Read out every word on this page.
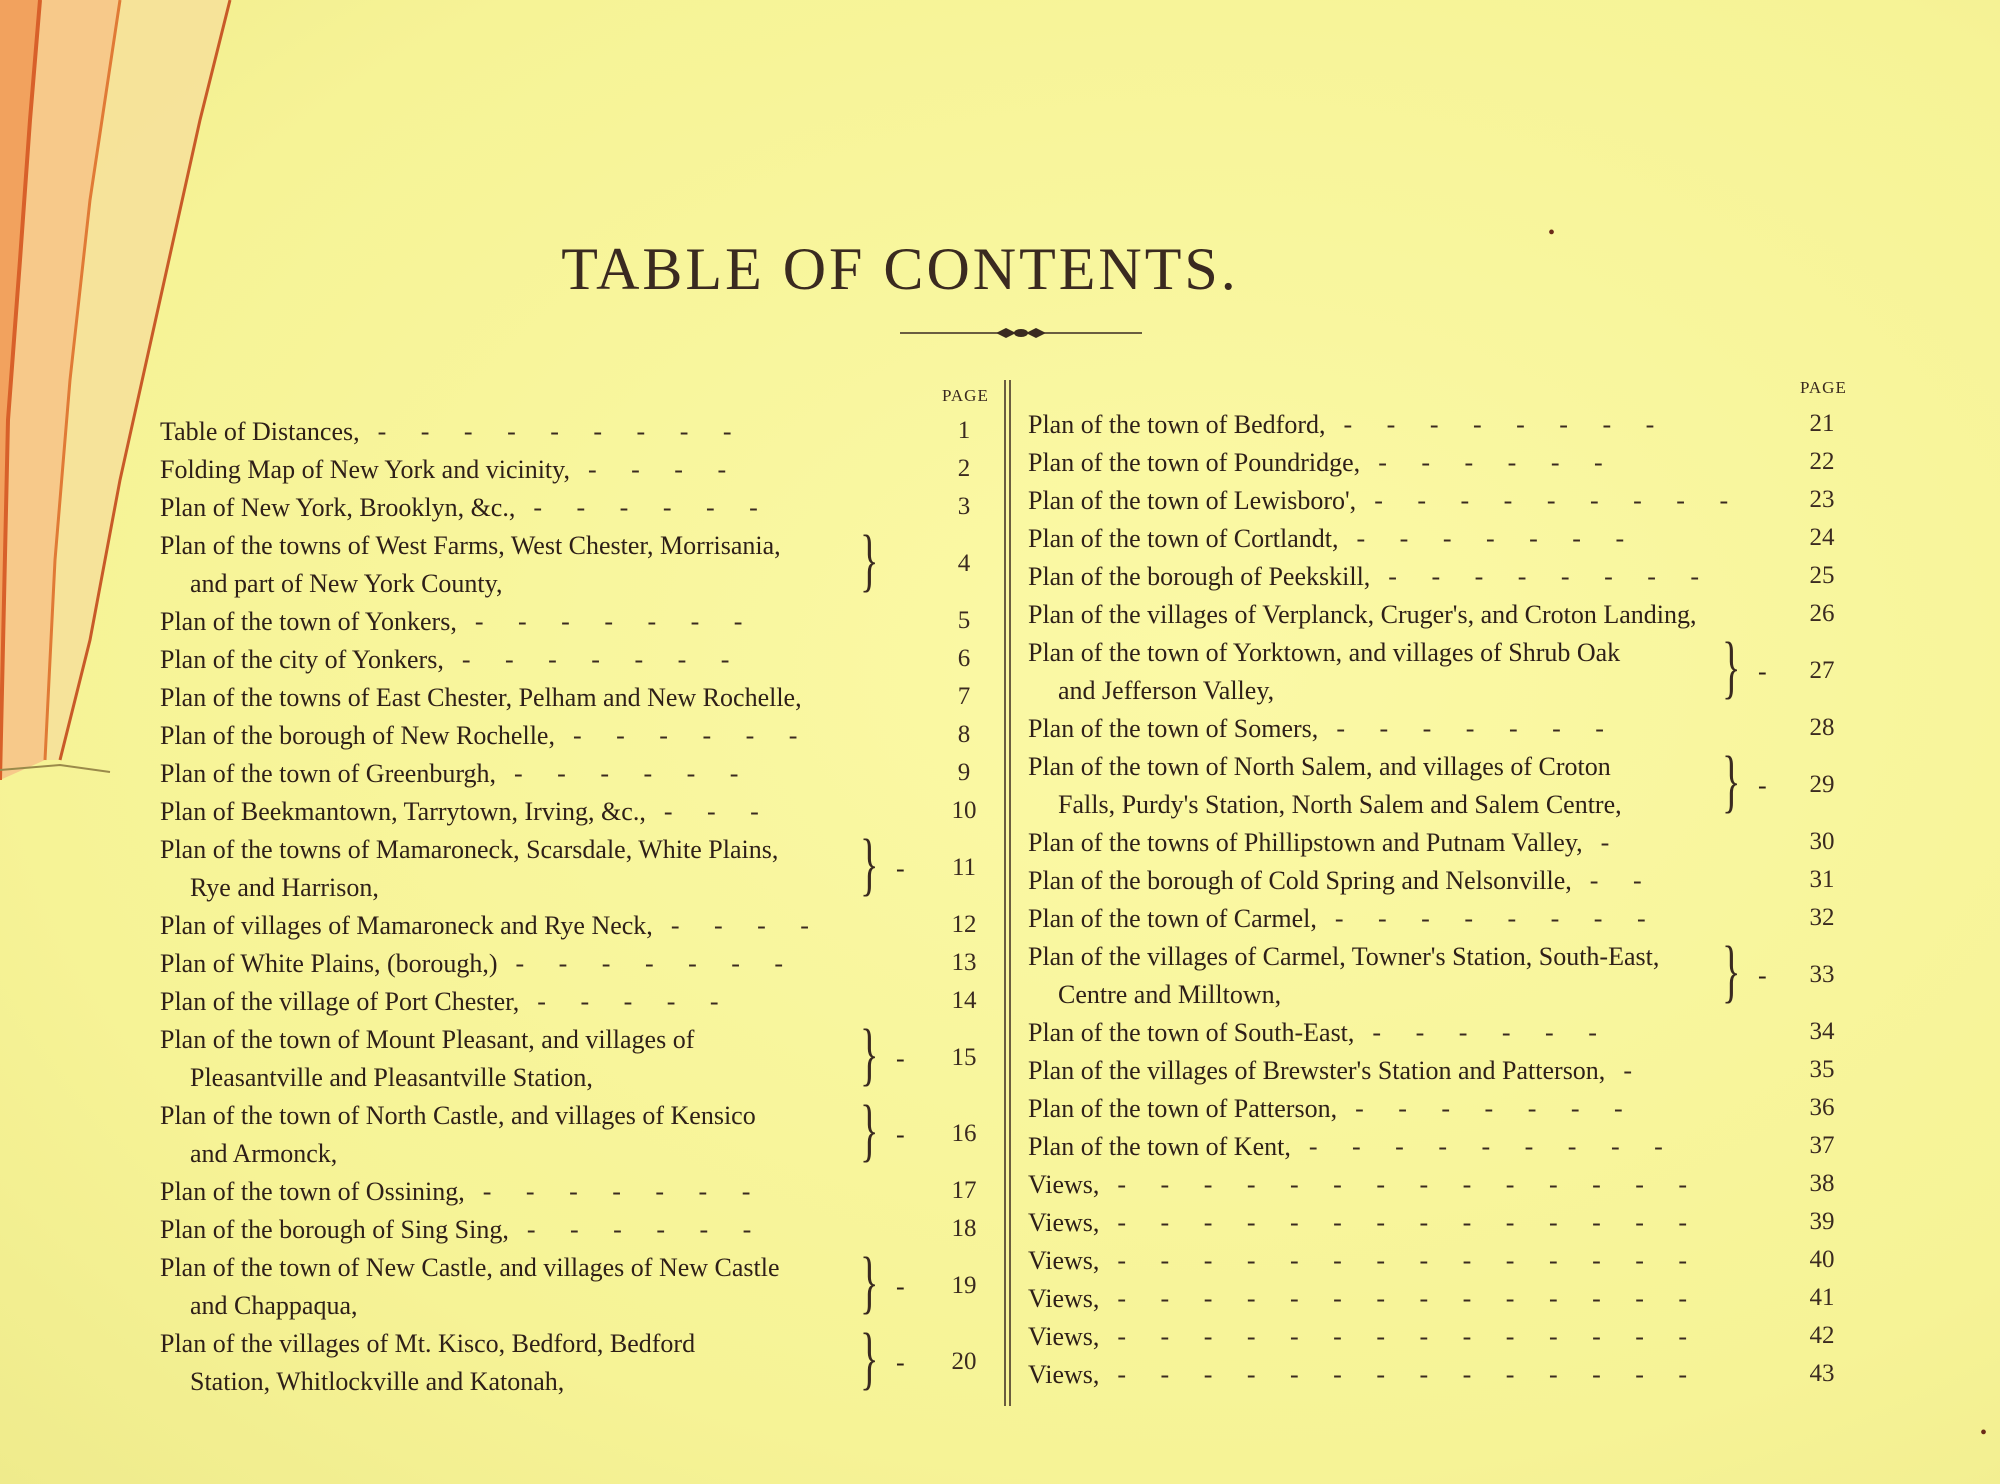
TABLE OF CONTENTS.
PAGE	PAGE
Table of Distances, - - - - - - - - -	1
Folding Map of New York and vicinity, - - - -	2
Plan of New York, Brooklyn, &c., - - - - - -	3
Plan of the towns of West Farms, West Chester, Morrisania,
and part of New York County,	}	4
Plan of the town of Yonkers, - - - - - - -	5
Plan of the city of Yonkers, - - - - - - -	6
Plan of the towns of East Chester, Pelham and New Rochelle,	7
Plan of the borough of New Rochelle, - - - - - -	8
Plan of the town of Greenburgh, - - - - - -	9
Plan of Beekmantown, Tarrytown, Irving, &c., - - -	10
Plan of the towns of Mamaroneck, Scarsdale, White Plains,
Rye and Harrison,	} -	11
Plan of villages of Mamaroneck and Rye Neck, - - - -	12
Plan of White Plains, (borough,) - - - - - - -	13
Plan of the village of Port Chester, - - - - -	14
Plan of the town of Mount Pleasant, and villages of
Pleasantville and Pleasantville Station,	} -	15
Plan of the town of North Castle, and villages of Kensico
and Armonck,	} -	16
Plan of the town of Ossining, - - - - - - -	17
Plan of the borough of Sing Sing, - - - - - -	18
Plan of the town of New Castle, and villages of New Castle
and Chappaqua,	} -	19
Plan of the villages of Mt. Kisco, Bedford, Bedford
Station, Whitlockville and Katonah,	} -	20
Plan of the town of Bedford, - - - - - - - -	21
Plan of the town of Poundridge, - - - - - -	22
Plan of the town of Lewisboro', - - - - - - - - -	23
Plan of the town of Cortlandt, - - - - - - -	24
Plan of the borough of Peekskill, - - - - - - - -	25
Plan of the villages of Verplanck, Cruger's, and Croton Landing,	26
Plan of the town of Yorktown, and villages of Shrub Oak
and Jefferson Valley,	} -	27
Plan of the town of Somers, - - - - - - -	28
Plan of the town of North Salem, and villages of Croton
Falls, Purdy's Station, North Salem and Salem Centre, } -	29
Plan of the towns of Phillipstown and Putnam Valley, -	30
Plan of the borough of Cold Spring and Nelsonville, - -	31
Plan of the town of Carmel, - - - - - - - -	32
Plan of the villages of Carmel, Towner's Station, South-East,
Centre and Milltown,	} -	33
Plan of the town of South-East, - - - - - -	34
Plan of the villages of Brewster's Station and Patterson, -	35
Plan of the town of Patterson, - - - - - - -	36
Plan of the town of Kent, - - - - - - - - -	37
Views, - - - - - - - - - - - - - -	38
Views, - - - - - - - - - - - - - -	39
Views, - - - - - - - - - - - - - -	40
Views, - - - - - - - - - - - - - -	41
Views, - - - - - - - - - - - - - -	42
Views, - - - - - - - - - - - - - -	43
•
•
